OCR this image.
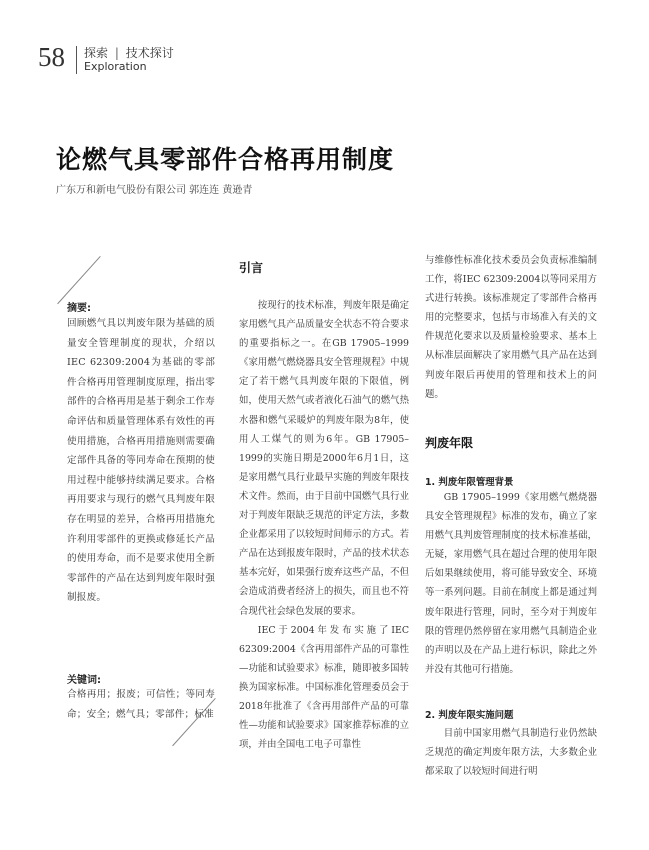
58 探索 | 技术探讨
Exploration
论燃气具零部件合格再用制度
广东万和新电气股份有限公司 郭连连 黄逊青
摘要:
回顾燃气具以判废年限为基础的质量安全管理制度的现状，介绍以IEC 62309:2004为基础的零部件合格再用管理制度原理，指出零部件的合格再用是基于剩余工作寿命评估和质量管理体系有效性的再使用措施，合格再用措施则需要确定部件具备的等同寿命在预期的使用过程中能够持续满足要求。合格再用要求与现行的燃气具判废年限存在明显的差异，合格再用措施允许利用零部件的更换或修延长产品的使用寿命，而不是要求使用全新零部件的产品在达到判废年限时强制报废。
关键词:
合格再用；报废；可信性；等同寿命；安全；燃气具；零部件；标准
引言

按现行的技术标准，判废年限是确定家用燃气具产品质量安全状态不符合要求的重要指标之一。在GB 17905–1999《家用燃气燃烧器具安全管理规程》中规定了若干燃气具判废年限的下限值，例如，使用天然气或者液化石油气的燃气热水器和燃气采暖炉的判废年限为8年，使用人工煤气的则为6年。GB 17905–1999的实施日期是2000年6月1日，这是家用燃气具行业最早实施的判废年限技术文件。然而，由于目前中国燃气具行业对于判废年限缺乏规范的评定方法，多数企业都采用了以较短时间师示的方式。若产品在达到报废年限时，产品的技术状态基本完好，如果强行废弃这些产品，不但会造成消费者经济上的损失，而且也不符合现代社会绿色发展的要求。

IEC于2004年发布实施了IEC 62309:2004《含再用部件产品的可靠性—功能和试验要求》标准，随即被多国转换为国家标准。中国标准化管理委员会于2018年批准了《含再用部件产品的可靠性—功能和试验要求》国家推荐标准的立项，并由全国电工电子可靠性

与维修性标准化技术委员会负责标准编制工作，将IEC 62309:2004以等同采用方式进行转换。该标准规定了零部件合格再用的完整要求，包括与市场准入有关的文件规范化要求以及质量检验要求、基本上从标准层面解决了家用燃气具产品在达到判废年限后再使用的管理和技术上的问题。

判废年限
1. 判废年限管理背景

GB 17905–1999《家用燃气燃烧器具安全管理规程》标准的发布，确立了家用燃气具判废管理制度的技术标准基础，无疑，家用燃气具在超过合理的使用年限后如果继续使用，将可能导致安全、环境等一系列问题。目前在制度上都是通过判废年限进行管理，同时，至今对于判废年限的管理仍然停留在家用燃气具制造企业的声明以及在产品上进行标识，除此之外并没有其他可行措施。

2. 判废年限实施问题

目前中国家用燃气具制造行业仍然缺乏规范的确定判废年限方法，大多数企业都采取了以较短时间进行明
